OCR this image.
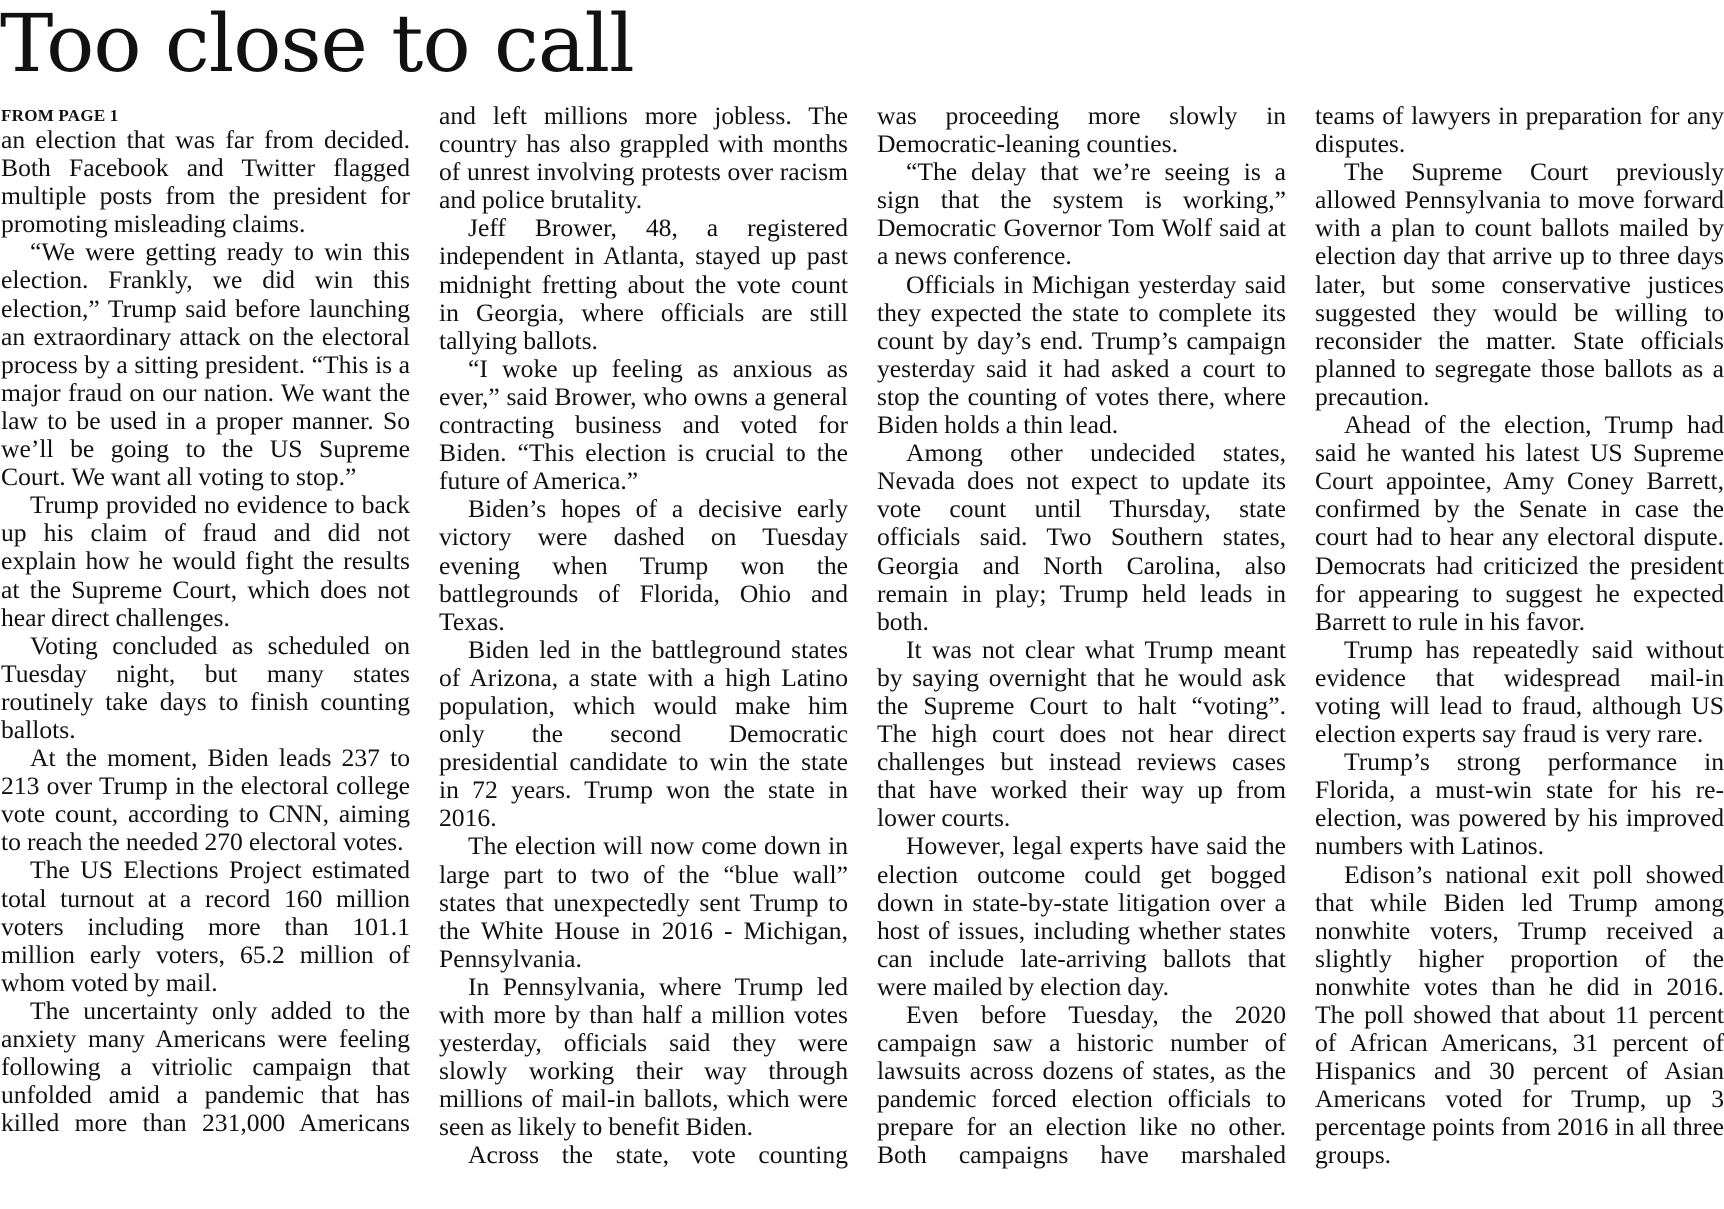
Too close to call
FROM PAGE 1

an election that was far from decided. Both Facebook and Twitter flagged multiple posts from the president for promoting misleading claims.

“We were getting ready to win this election. Frankly, we did win this election,” Trump said before launching an extraordinary attack on the electoral process by a sitting president. “This is a major fraud on our nation. We want the law to be used in a proper manner. So we’ll be going to the US Supreme Court. We want all voting to stop.”

Trump provided no evidence to back up his claim of fraud and did not explain how he would fight the results at the Supreme Court, which does not hear direct challenges.

Voting concluded as scheduled on Tuesday night, but many states routinely take days to finish counting ballots.

At the moment, Biden leads 237 to 213 over Trump in the electoral college vote count, according to CNN, aiming to reach the needed 270 electoral votes.

The US Elections Project estimated total turnout at a record 160 million voters including more than 101.1 million early voters, 65.2 million of whom voted by mail.

The uncertainty only added to the anxiety many Americans were feeling following a vitriolic campaign that unfolded amid a pandemic that has killed more than 231,000 Americans

and left millions more jobless. The country has also grappled with months of unrest involving protests over racism and police brutality.

Jeff Brower, 48, a registered independent in Atlanta, stayed up past midnight fretting about the vote count in Georgia, where officials are still tallying ballots.

“I woke up feeling as anxious as ever,” said Brower, who owns a general contracting business and voted for Biden. “This election is crucial to the future of America.”

Biden’s hopes of a decisive early victory were dashed on Tuesday evening when Trump won the battlegrounds of Florida, Ohio and Texas.

Biden led in the battleground states of Arizona, a state with a high Latino population, which would make him only the second Democratic presidential candidate to win the state in 72 years. Trump won the state in 2016.

The election will now come down in large part to two of the “blue wall” states that unexpectedly sent Trump to the White House in 2016 - Michigan, Pennsylvania.

In Pennsylvania, where Trump led with more by than half a million votes yesterday, officials said they were slowly working their way through millions of mail-in ballots, which were seen as likely to benefit Biden.

Across the state, vote counting

was proceeding more slowly in Democratic-leaning counties.

“The delay that we’re seeing is a sign that the system is working,” Democratic Governor Tom Wolf said at a news conference.

Officials in Michigan yesterday said they expected the state to complete its count by day’s end. Trump’s campaign yesterday said it had asked a court to stop the counting of votes there, where Biden holds a thin lead.

Among other undecided states, Nevada does not expect to update its vote count until Thursday, state officials said. Two Southern states, Georgia and North Carolina, also remain in play; Trump held leads in both.

It was not clear what Trump meant by saying overnight that he would ask the Supreme Court to halt “voting”. The high court does not hear direct challenges but instead reviews cases that have worked their way up from lower courts.

However, legal experts have said the election outcome could get bogged down in state-by-state litigation over a host of issues, including whether states can include late-arriving ballots that were mailed by election day.

Even before Tuesday, the 2020 campaign saw a historic number of lawsuits across dozens of states, as the pandemic forced election officials to prepare for an election like no other. Both campaigns have marshaled

teams of lawyers in preparation for any disputes.

The Supreme Court previously allowed Pennsylvania to move forward with a plan to count ballots mailed by election day that arrive up to three days later, but some conservative justices suggested they would be willing to reconsider the matter. State officials planned to segregate those ballots as a precaution.

Ahead of the election, Trump had said he wanted his latest US Supreme Court appointee, Amy Coney Barrett, confirmed by the Senate in case the court had to hear any electoral dispute. Democrats had criticized the president for appearing to suggest he expected Barrett to rule in his favor.

Trump has repeatedly said without evidence that widespread mail-in voting will lead to fraud, although US election experts say fraud is very rare.

Trump’s strong performance in Florida, a must-win state for his re-election, was powered by his improved numbers with Latinos.

Edison’s national exit poll showed that while Biden led Trump among nonwhite voters, Trump received a slightly higher proportion of the nonwhite votes than he did in 2016. The poll showed that about 11 percent of African Americans, 31 percent of Hispanics and 30 percent of Asian Americans voted for Trump, up 3 percentage points from 2016 in all three groups.
